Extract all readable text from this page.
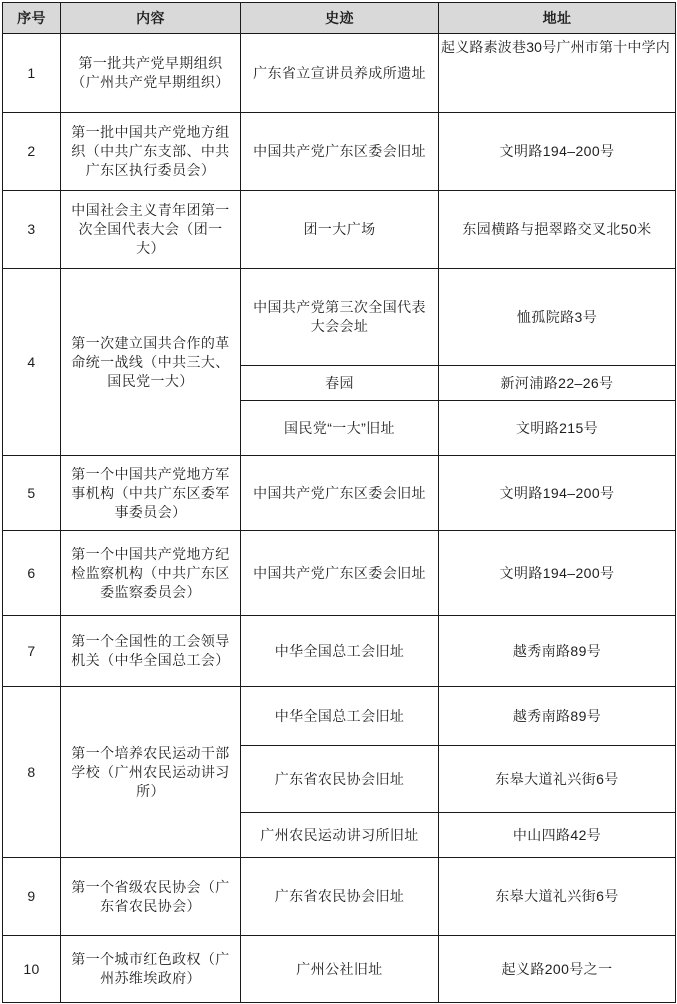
序号	内容	史迹	地址
1	第一批共产党早期组织（广州共产党早期组织）	广东省立宣讲员养成所遗址	起义路素波巷30号广州市第十中学内

2	第一批中国共产党地方组织（中共广东支部、中共广东区执行委员会）	中国共产党广东区委会旧址	文明路194–200号
3	中国社会主义青年团第一次全国代表大会（团一大）	团一大广场	东园横路与挹翠路交叉北50米
4	第一次建立国共合作的革命统一战线（中共三大、国民党一大）	中国共产党第三次全国代表大会会址	恤孤院路3号
		春园	新河浦路22–26号
		国民党“一大”旧址	文明路215号
5	第一个中国共产党地方军事机构（中共广东区委军事委员会）	中国共产党广东区委会旧址	文明路194–200号
6	第一个中国共产党地方纪检监察机构（中共广东区委监察委员会）	中国共产党广东区委会旧址	文明路194–200号
7	第一个全国性的工会领导机关（中华全国总工会）	中华全国总工会旧址	越秀南路89号
8	第一个培养农民运动干部学校（广州农民运动讲习所）	中华全国总工会旧址	越秀南路89号
		广东省农民协会旧址	东皋大道礼兴街6号
		广州农民运动讲习所旧址	中山四路42号
9	第一个省级农民协会（广东省农民协会）	广东省农民协会旧址	东皋大道礼兴街6号
10	第一个城市红色政权（广州苏维埃政府）	广州公社旧址	起义路200号之一
